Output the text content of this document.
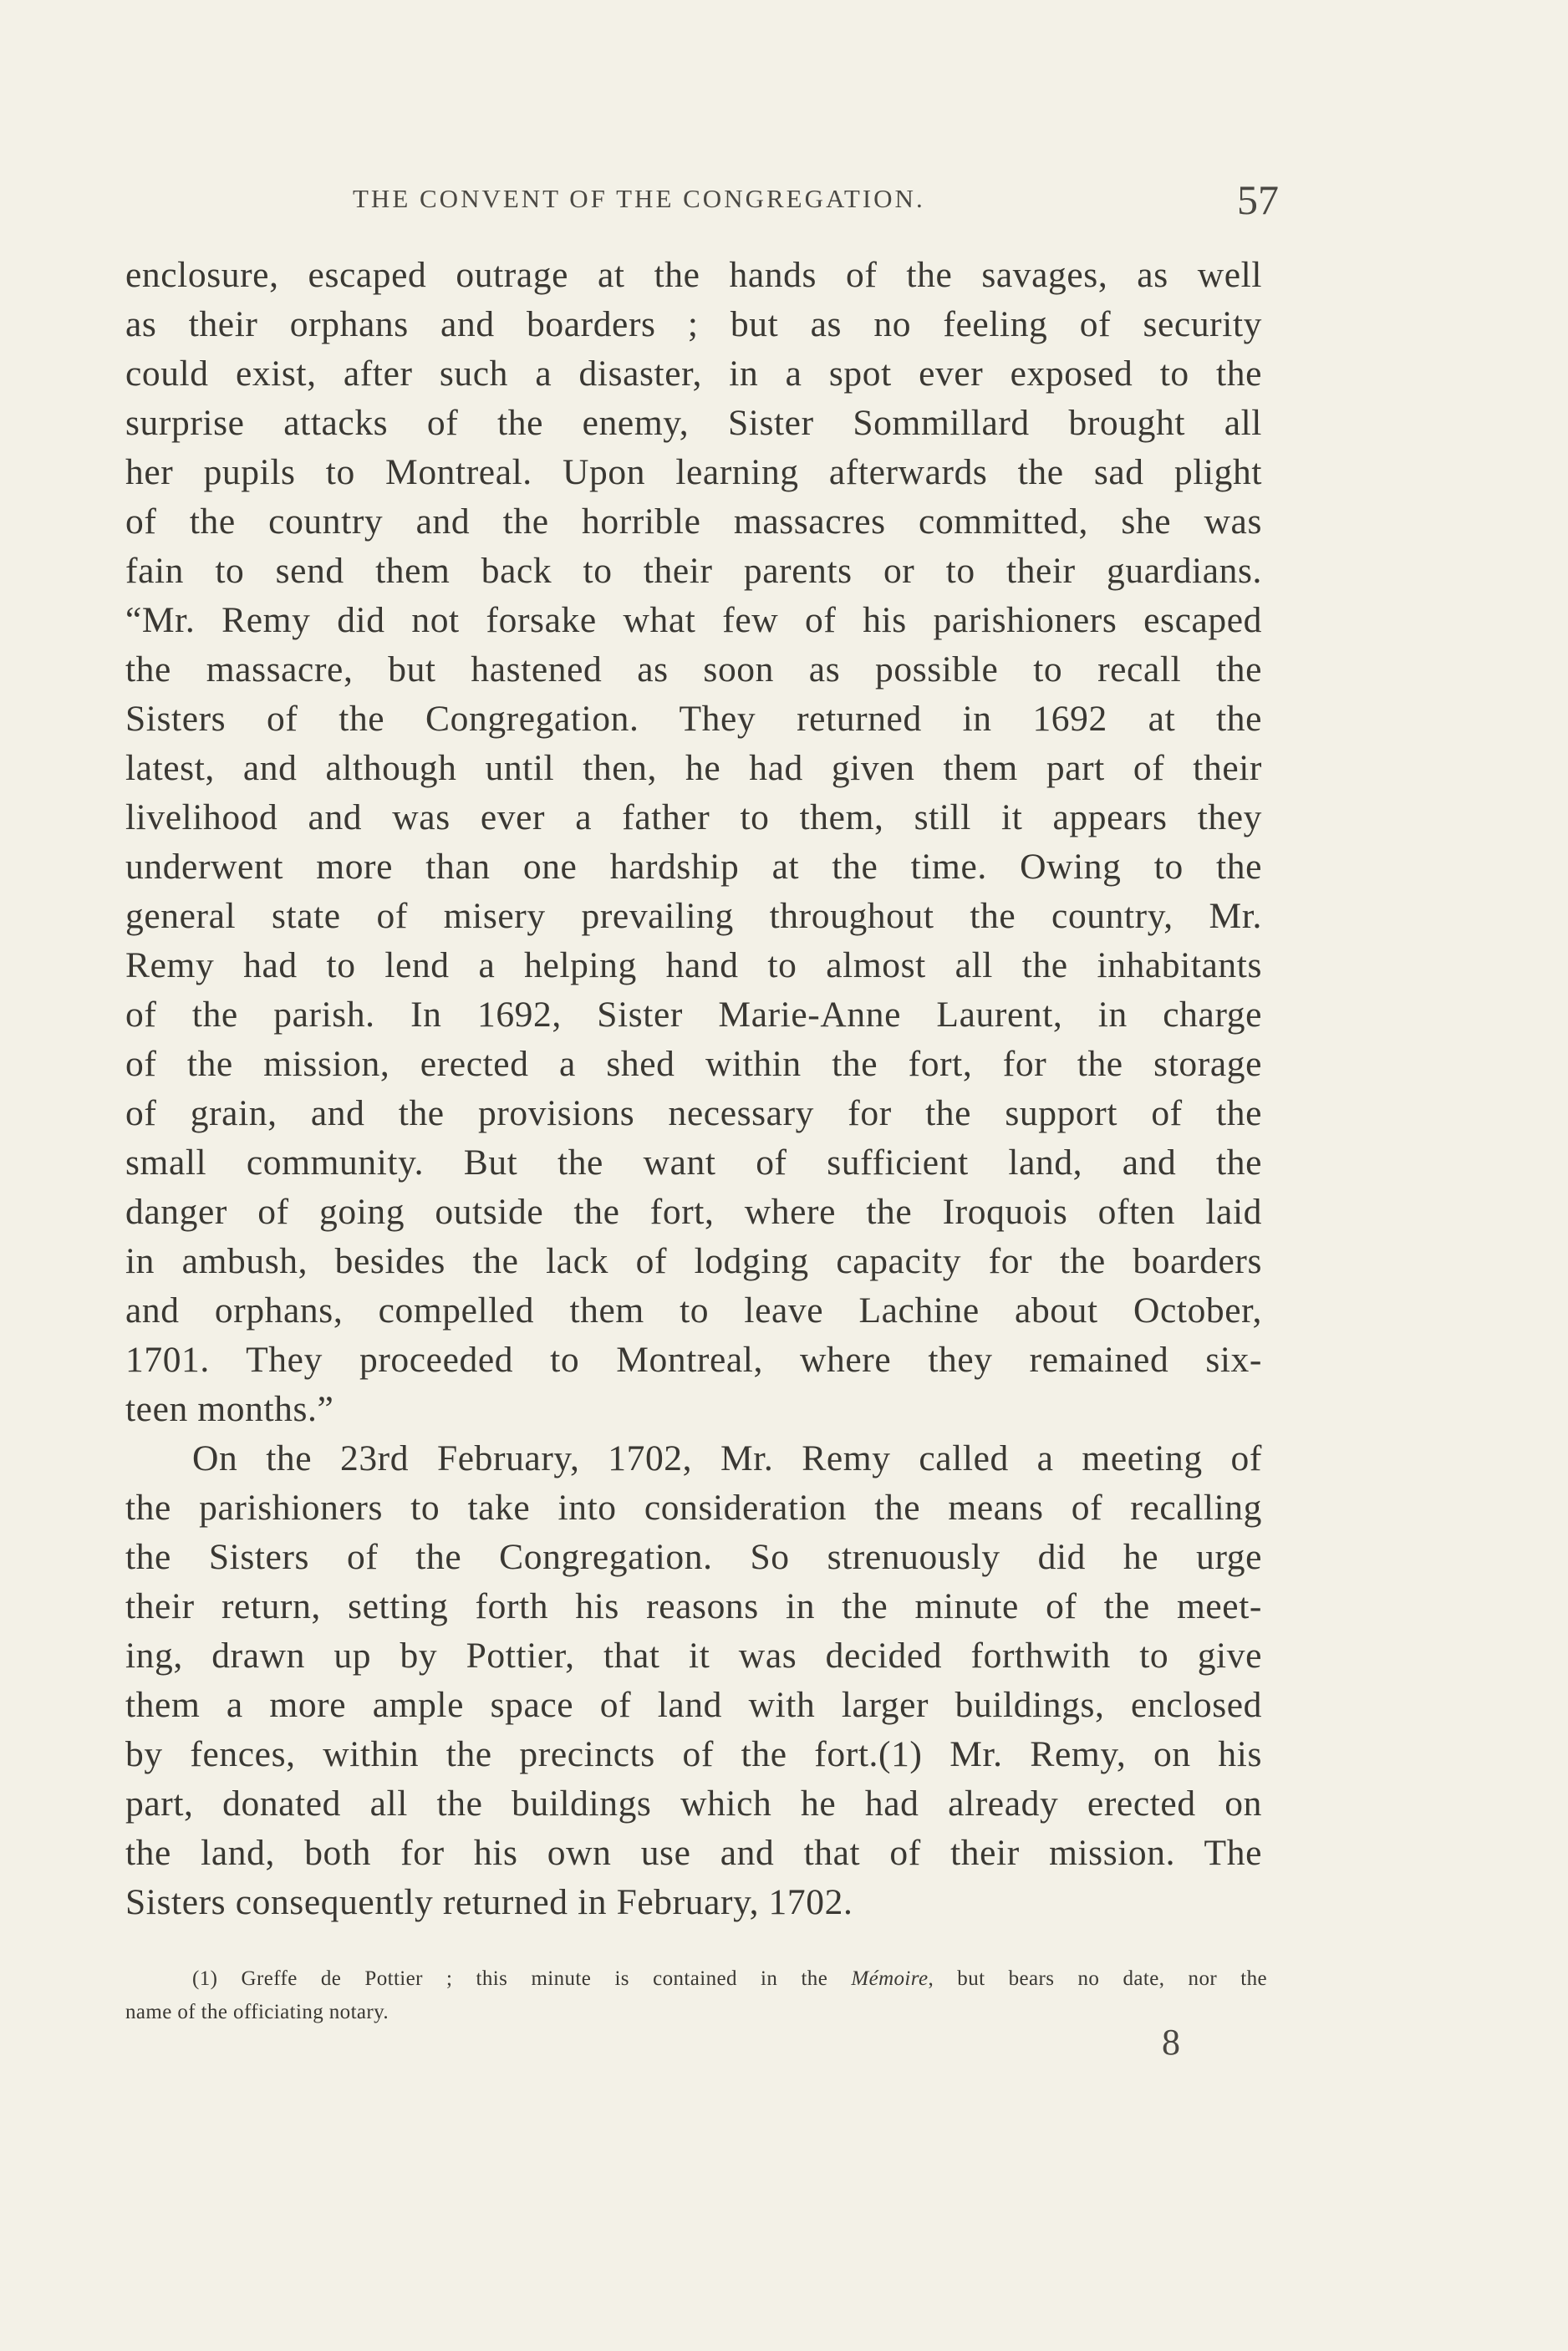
THE CONVENT OF THE CONGREGATION.	57
enclosure, escaped outrage at the hands of the savages, as well
as their orphans and boarders ; but as no feeling of security
could exist, after such a disaster, in a spot ever exposed to the
surprise attacks of the enemy, Sister Sommillard brought all
her pupils to Montreal. Upon learning afterwards the sad plight
of the country and the horrible massacres committed, she was
fain to send them back to their parents or to their guardians.
“Mr. Remy did not forsake what few of his parishioners escaped
the massacre, but hastened as soon as possible to recall the
Sisters of the Congregation. They returned in 1692 at the
latest, and although until then, he had given them part of their
livelihood and was ever a father to them, still it appears they
underwent more than one hardship at the time. Owing to the
general state of misery prevailing throughout the country, Mr.
Remy had to lend a helping hand to almost all the inhabitants
of the parish. In 1692, Sister Marie-Anne Laurent, in charge
of the mission, erected a shed within the fort, for the storage
of grain, and the provisions necessary for the support of the
small community. But the want of sufficient land, and the
danger of going outside the fort, where the Iroquois often laid
in ambush, besides the lack of lodging capacity for the boarders
and orphans, compelled them to leave Lachine about October,
1701. They proceeded to Montreal, where they remained six-
teen months.”
On the 23rd February, 1702, Mr. Remy called a meeting of
the parishioners to take into consideration the means of recalling
the Sisters of the Congregation. So strenuously did he urge
their return, setting forth his reasons in the minute of the meet-
ing, drawn up by Pottier, that it was decided forthwith to give
them a more ample space of land with larger buildings, enclosed
by fences, within the precincts of the fort.(1) Mr. Remy, on his
part, donated all the buildings which he had already erected on
the land, both for his own use and that of their mission. The
Sisters consequently returned in February, 1702.
(1) Greffe de Pottier ; this minute is contained in the Mémoire, but bears no date, nor the
name of the officiating notary.
8
